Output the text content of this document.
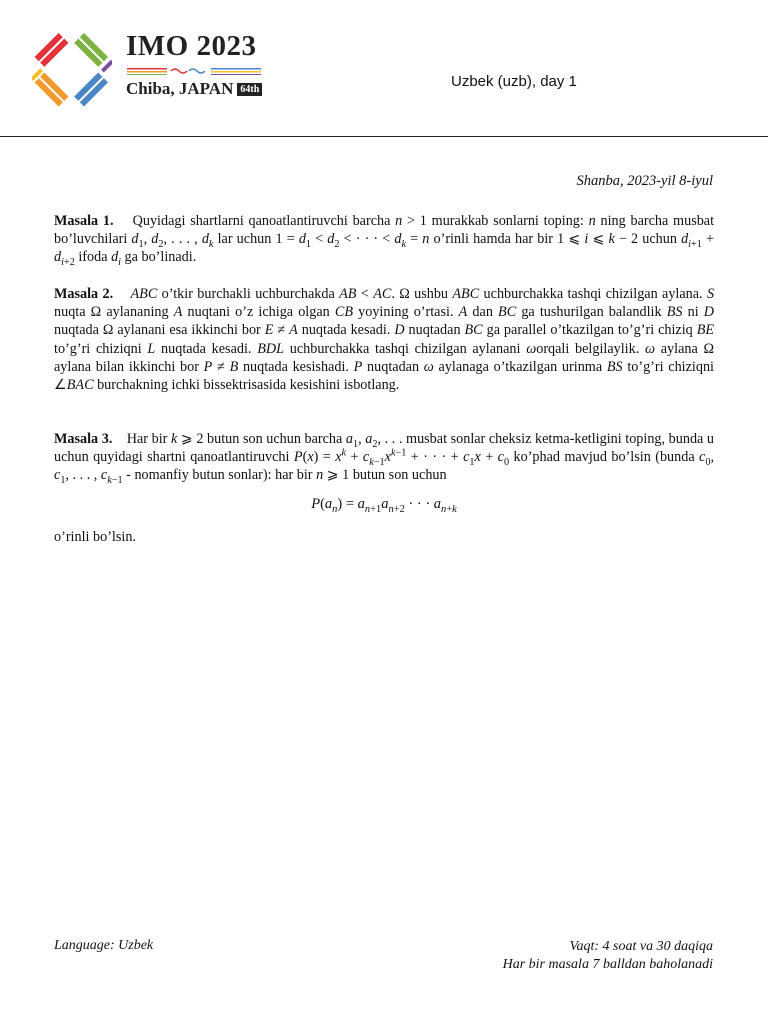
IMO 2023
Chiba, JAPAN 64th	Uzbek (uzb), day 1
Shanba, 2023-yil 8-iyul
Masala 1. Quyidagi shartlarni qanoatlantiruvchi barcha n > 1 murakkab sonlarni toping: n ning barcha musbat bo’luvchilari $d_1$, $d_2$, . . . , $d_k$ lar uchun $1 = d_1 < d_2$ < · · · < $d_k = n$ o’rinli hamda har bir 1 ⩽ i ⩽ k − 2 uchun $d_{i+1} + d_{i+2}$ ifoda $d_i$ ga bo’linadi.
Masala 2. ABC o’tkir burchakli uchburchakda AB < AC. Ω ushbu ABC uchburchakka tashqi chizilgan aylana. S nuqta Ω aylananing A nuqtani o’z ichiga olgan CB yoyining o’rtasi. A dan BC ga tushurilgan balandlik BS ni D nuqtada Ω aylanani esa ikkinchi bor E ≠ A nuqtada kesadi. D nuqtadan BC ga parallel o’tkazilgan to’g’ri chiziq BE to’g’ri chiziqni L nuqtada kesadi. BDL uchburchakka tashqi chizilgan aylanani ωorqali belgilaylik. ω aylana Ω aylana bilan ikkinchi bor P ≠ B nuqtada kesishadi. P nuqtadan ω aylanaga o’tkazilgan urinma BS to’g’ri chiziqni ∠BAC burchakning ichki bissektrisasida kesishini isbotlang.
Masala 3. Har bir k ⩾ 2 butun son uchun barcha $a_1$, $a_2$, . . . musbat sonlar cheksiz ketma-ketligini toping, bunda u uchun quyidagi shartni qanoatlantiruvchi $P(x) = x^k + c_{k-1}x^{k-1}$ + · · · + $c_1x + c_0$ ko’phad mavjud bo’lsin (bunda $c_0$, $c_1$, . . . , $c_{k-1}$ - nomanfiy butun sonlar): har bir n ⩾ 1 butun son uchun
$P(a_n) = a_{n+1}a_{n+2}$ · · · $a_{n+k}$
o’rinli bo’lsin.
Language: Uzbek	Vaqt: 4 soat va 30 daqiqa
Har bir masala 7 balldan baholanadi
